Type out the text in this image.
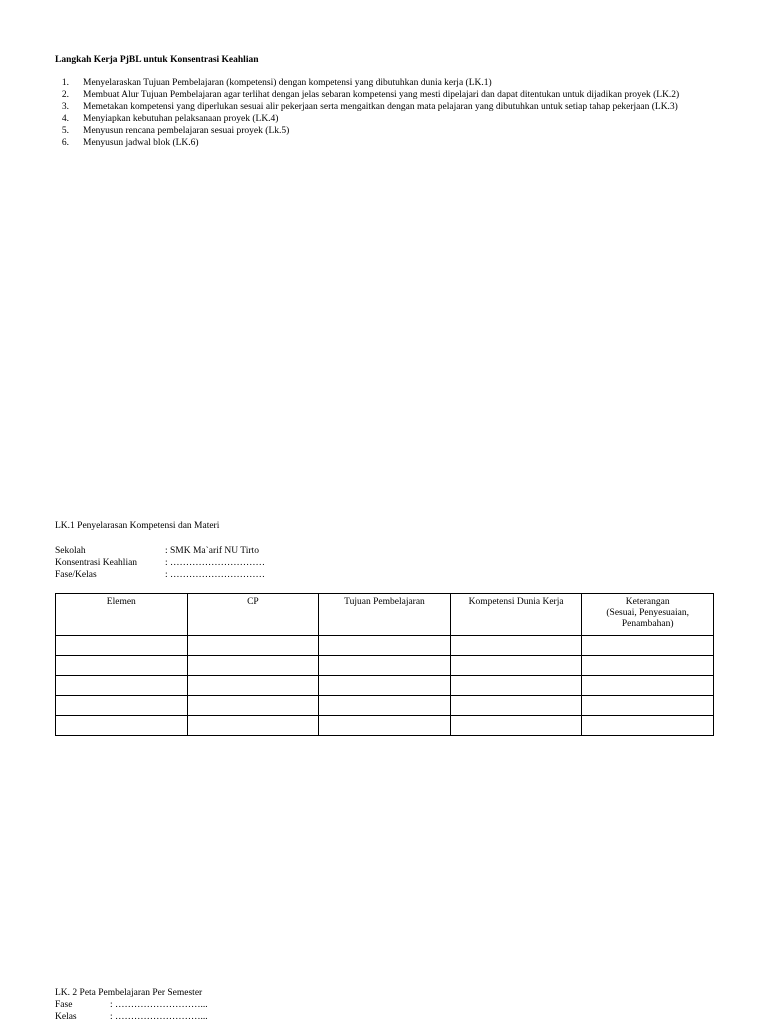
Langkah Kerja PjBL untuk Konsentrasi Keahlian
1. Menyelaraskan Tujuan Pembelajaran (kompetensi) dengan kompetensi yang dibutuhkan dunia kerja (LK.1)
2. Membuat Alur Tujuan Pembelajaran agar terlihat dengan jelas sebaran kompetensi yang mesti dipelajari dan dapat ditentukan untuk dijadikan proyek (LK.2)
3. Memetakan kompetensi yang diperlukan sesuai alir pekerjaan serta mengaitkan dengan mata pelajaran yang dibutuhkan untuk setiap tahap pekerjaan (LK.3)
4. Menyiapkan kebutuhan pelaksanaan proyek (LK.4)
5. Menyusun rencana pembelajaran sesuai proyek (Lk.5)
6. Menyusun jadwal blok (LK.6)
LK.1 Penyelarasan Kompetensi dan Materi
Sekolah	: SMK Ma`arif NU Tirto
Konsentrasi Keahlian	: …………………………
Fase/Kelas	: …………………………
Elemen	CP	Tujuan Pembelajaran	Kompetensi Dunia Kerja	Keterangan
(Sesuai, Penyesuaian,
Penambahan)

LK. 2 Peta Pembelajaran Per Semester
Fase	: ………………………...
Kelas	: ………………………...
